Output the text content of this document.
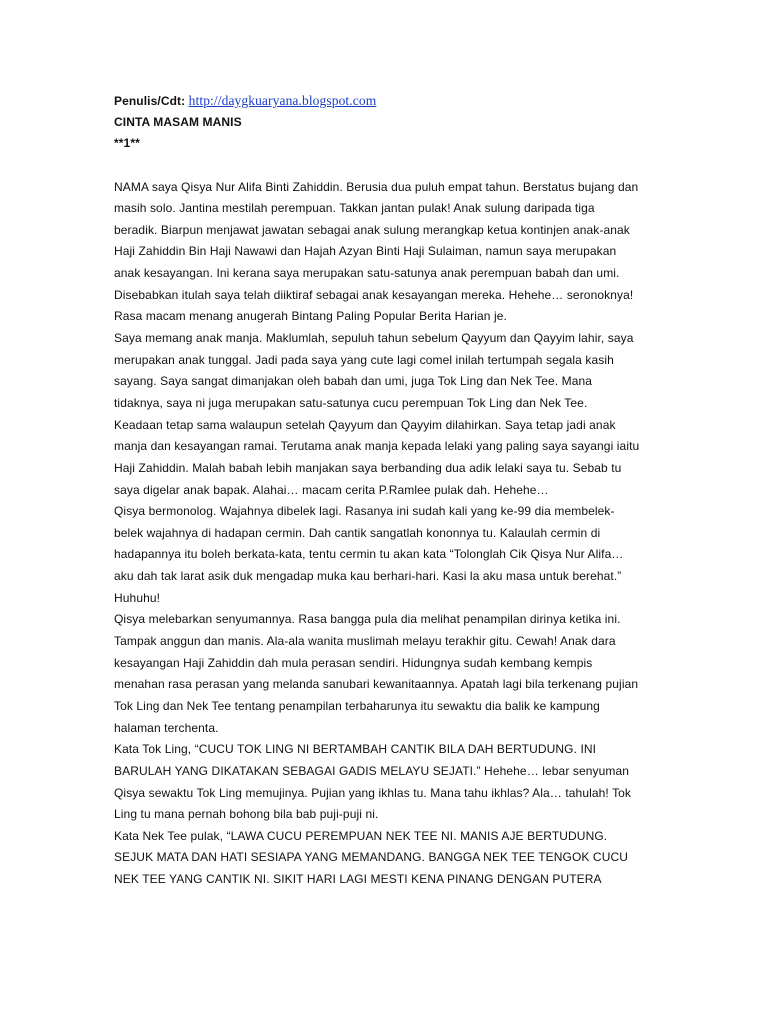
Penulis/Cdt: http://daygkuaryana.blogspot.com
CINTA MASAM MANIS
**1**
NAMA saya Qisya Nur Alifa Binti Zahiddin. Berusia dua puluh empat tahun. Berstatus bujang dan
masih solo. Jantina mestilah perempuan. Takkan jantan pulak! Anak sulung daripada tiga
beradik. Biarpun menjawat jawatan sebagai anak sulung merangkap ketua kontinjen anak-anak
Haji Zahiddin Bin Haji Nawawi dan Hajah Azyan Binti Haji Sulaiman, namun saya merupakan
anak kesayangan. Ini kerana saya merupakan satu-satunya anak perempuan babah dan umi.
Disebabkan itulah saya telah diiktiraf sebagai anak kesayangan mereka. Hehehe… seronoknya!
Rasa macam menang anugerah Bintang Paling Popular Berita Harian je.
Saya memang anak manja. Maklumlah, sepuluh tahun sebelum Qayyum dan Qayyim lahir, saya
merupakan anak tunggal. Jadi pada saya yang cute lagi comel inilah tertumpah segala kasih
sayang. Saya sangat dimanjakan oleh babah dan umi, juga Tok Ling dan Nek Tee. Mana
tidaknya, saya ni juga merupakan satu-satunya cucu perempuan Tok Ling dan Nek Tee.
Keadaan tetap sama walaupun setelah Qayyum dan Qayyim dilahirkan. Saya tetap jadi anak
manja dan kesayangan ramai. Terutama anak manja kepada lelaki yang paling saya sayangi iaitu
Haji Zahiddin. Malah babah lebih manjakan saya berbanding dua adik lelaki saya tu. Sebab tu
saya digelar anak bapak. Alahai… macam cerita P.Ramlee pulak dah. Hehehe…
Qisya bermonolog. Wajahnya dibelek lagi. Rasanya ini sudah kali yang ke-99 dia membelek-
belek wajahnya di hadapan cermin. Dah cantik sangatlah kononnya tu. Kalaulah cermin di
hadapannya itu boleh berkata-kata, tentu cermin tu akan kata “Tolonglah Cik Qisya Nur Alifa…
aku dah tak larat asik duk mengadap muka kau berhari-hari. Kasi la aku masa untuk berehat.”
Huhuhu!
Qisya melebarkan senyumannya. Rasa bangga pula dia melihat penampilan dirinya ketika ini.
Tampak anggun dan manis. Ala-ala wanita muslimah melayu terakhir gitu. Cewah! Anak dara
kesayangan Haji Zahiddin dah mula perasan sendiri. Hidungnya sudah kembang kempis
menahan rasa perasan yang melanda sanubari kewanitaannya. Apatah lagi bila terkenang pujian
Tok Ling dan Nek Tee tentang penampilan terbaharunya itu sewaktu dia balik ke kampung
halaman terchenta.
Kata Tok Ling, “CUCU TOK LING NI BERTAMBAH CANTIK BILA DAH BERTUDUNG. INI
BARULAH YANG DIKATAKAN SEBAGAI GADIS MELAYU SEJATI.” Hehehe… lebar senyuman
Qisya sewaktu Tok Ling memujinya. Pujian yang ikhlas tu. Mana tahu ikhlas? Ala… tahulah! Tok
Ling tu mana pernah bohong bila bab puji-puji ni.
Kata Nek Tee pulak, “LAWA CUCU PEREMPUAN NEK TEE NI. MANIS AJE BERTUDUNG.
SEJUK MATA DAN HATI SESIAPA YANG MEMANDANG. BANGGA NEK TEE TENGOK CUCU
NEK TEE YANG CANTIK NI. SIKIT HARI LAGI MESTI KENA PINANG DENGAN PUTERA
